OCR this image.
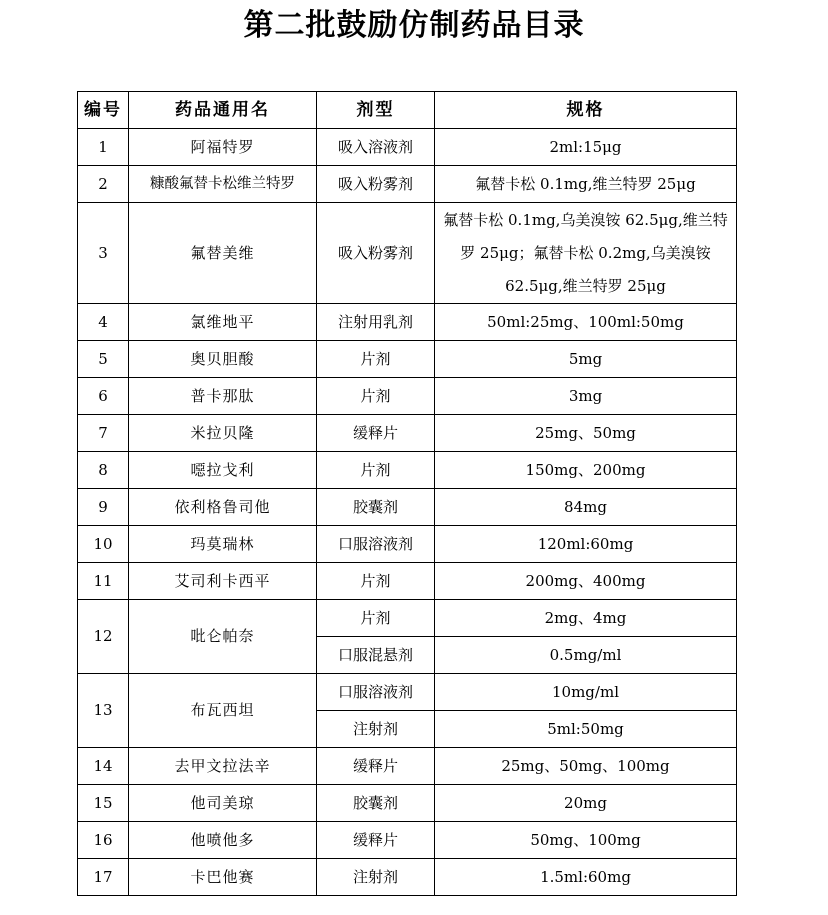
第二批鼓励仿制药品目录
编号	药品通用名	剂型	规格
1	阿福特罗	吸入溶液剂	2ml:15μg
2	糠酸氟替卡松维兰特罗	吸入粉雾剂	氟替卡松 0.1mg,维兰特罗 25μg
3	氟替美维	吸入粉雾剂	氟替卡松 0.1mg,乌美溴铵 62.5μg,维兰特罗 25μg；氟替卡松 0.2mg,乌美溴铵 62.5μg,维兰特罗 25μg

4	氯维地平	注射用乳剂	50ml:25mg、100ml:50mg
5	奥贝胆酸	片剂	5mg
6	普卡那肽	片剂	3mg
7	米拉贝隆	缓释片	25mg、50mg
8	噁拉戈利	片剂	150mg、200mg
9	依利格鲁司他	胶囊剂	84mg
10	玛莫瑞林	口服溶液剂	120ml:60mg
11	艾司利卡西平	片剂	200mg、400mg
12	吡仑帕奈	片剂	2mg、4mg
		口服混悬剂	0.5mg/ml
13	布瓦西坦	口服溶液剂	10mg/ml
		注射剂	5ml:50mg
14	去甲文拉法辛	缓释片	25mg、50mg、100mg
15	他司美琼	胶囊剂	20mg
16	他喷他多	缓释片	50mg、100mg
17	卡巴他赛	注射剂	1.5ml:60mg
